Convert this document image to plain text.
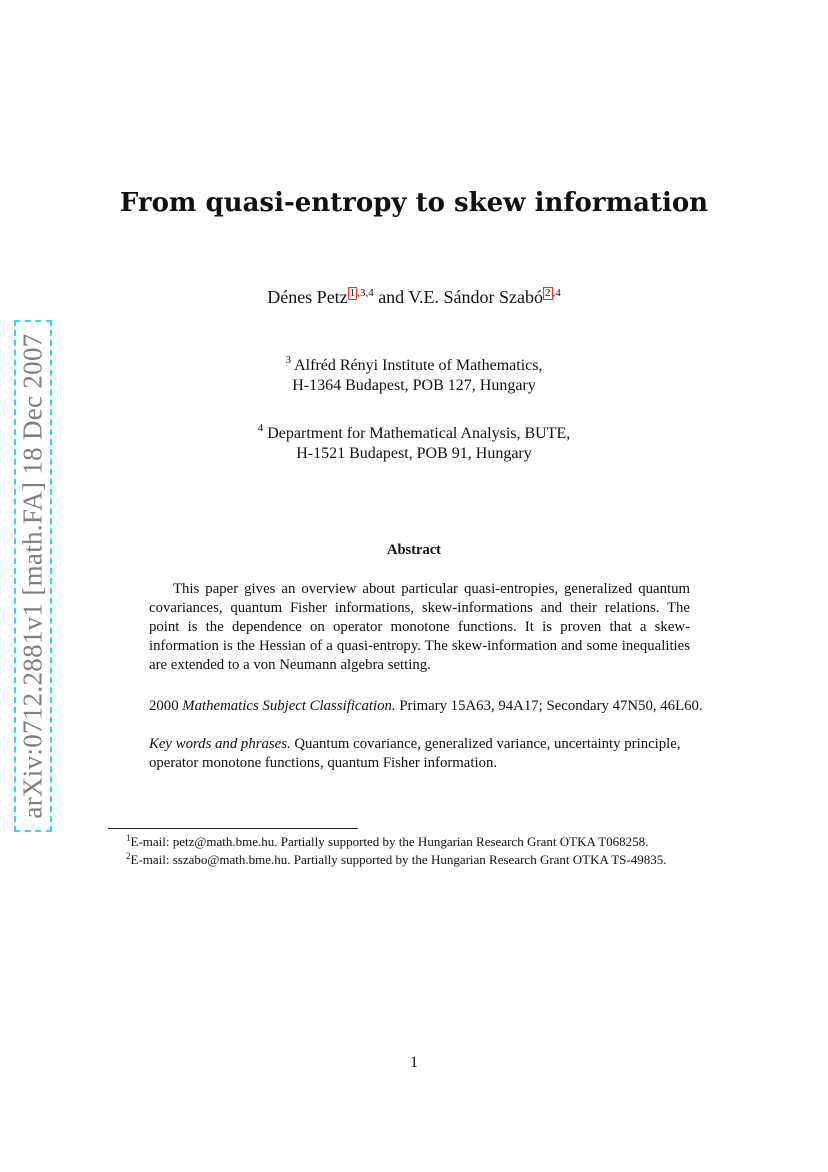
arXiv:0712.2881v1 [math.FA] 18 Dec 2007
From quasi-entropy to skew information
Dénes Petz 1 $^{,3,4}$ and V.E. Sándor Szabó 2 $^{,4}$
$^3$ Alfréd Rényi Institute of Mathematics,
H-1364 Budapest, POB 127, Hungary
$^4$ Department for Mathematical Analysis, BUTE,
H-1521 Budapest, POB 91, Hungary
Abstract
This paper gives an overview about particular quasi-entropies, generalized quantum covariances, quantum Fisher informations, skew-informations and their relations. The point is the dependence on operator monotone functions. It is proven that a skew-information is the Hessian of a quasi-entropy. The skew-information and some inequalities are extended to a von Neumann algebra setting.
2000 Mathematics Subject Classification. Primary 15A63, 94A17; Secondary 47N50, 46L60.
Key words and phrases. Quantum covariance, generalized variance, uncertainty principle, operator monotone functions, quantum Fisher information.
$^1$E-mail: petz@math.bme.hu. Partially supported by the Hungarian Research Grant OTKA T068258.
$^2$E-mail: sszabo@math.bme.hu. Partially supported by the Hungarian Research Grant OTKA TS-49835.
1
